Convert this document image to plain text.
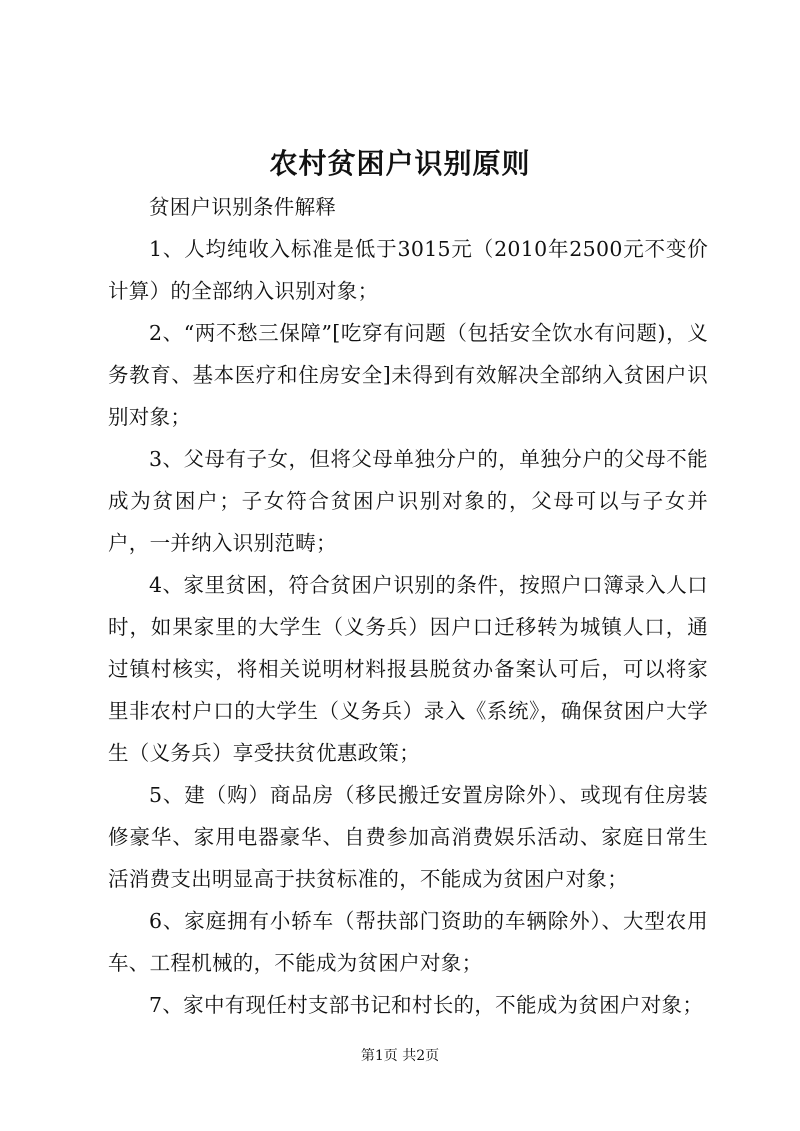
农村贫困户识别原则

贫困户识别条件解释

1、人均纯收入标准是低于3015元（2010年2500元不变价计算）的全部纳入识别对象；

2、“两不愁三保障”[吃穿有问题（包括安全饮水有问题)，义务教育、基本医疗和住房安全]未得到有效解决全部纳入贫困户识别对象；

3、父母有子女，但将父母单独分户的，单独分户的父母不能成为贫困户；子女符合贫困户识别对象的，父母可以与子女并户，一并纳入识别范畴；

4、家里贫困，符合贫困户识别的条件，按照户口簿录入人口时，如果家里的大学生（义务兵）因户口迁移转为城镇人口，通过镇村核实，将相关说明材料报县脱贫办备案认可后，可以将家里非农村户口的大学生（义务兵）录入《系统》，确保贫困户大学生（义务兵）享受扶贫优惠政策；

5、建（购）商品房（移民搬迁安置房除外）、或现有住房装修豪华、家用电器豪华、自费参加高消费娱乐活动、家庭日常生活消费支出明显高于扶贫标准的，不能成为贫困户对象；

6、家庭拥有小轿车（帮扶部门资助的车辆除外）、大型农用车、工程机械的，不能成为贫困户对象；

7、家中有现任村支部书记和村长的，不能成为贫困户对象；

第1页 共2页
